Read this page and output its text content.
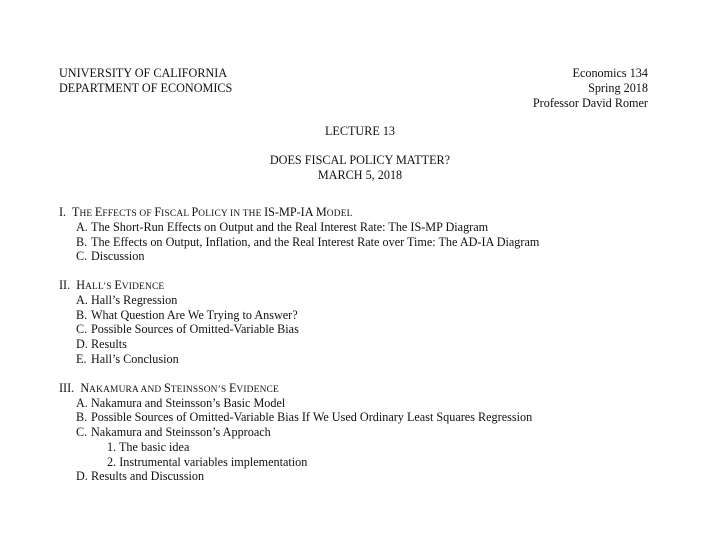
UNIVERSITY OF CALIFORNIA
DEPARTMENT OF ECONOMICS
Economics 134
Spring 2018
Professor David Romer
LECTURE 13
DOES FISCAL POLICY MATTER?
MARCH 5, 2018
I.  THE EFFECTS OF FISCAL POLICY IN THE IS-MP-IA MODEL
A. The Short-Run Effects on Output and the Real Interest Rate: The IS-MP Diagram
B. The Effects on Output, Inflation, and the Real Interest Rate over Time: The AD-IA Diagram
C. Discussion
II.  HALL’S EVIDENCE
A. Hall’s Regression
B. What Question Are We Trying to Answer?
C. Possible Sources of Omitted-Variable Bias
D. Results
E. Hall’s Conclusion
III.  NAKAMURA AND STEINSSON’S EVIDENCE
A. Nakamura and Steinsson’s Basic Model
B. Possible Sources of Omitted-Variable Bias If We Used Ordinary Least Squares Regression
C. Nakamura and Steinsson’s Approach
1. The basic idea
2. Instrumental variables implementation
D. Results and Discussion
